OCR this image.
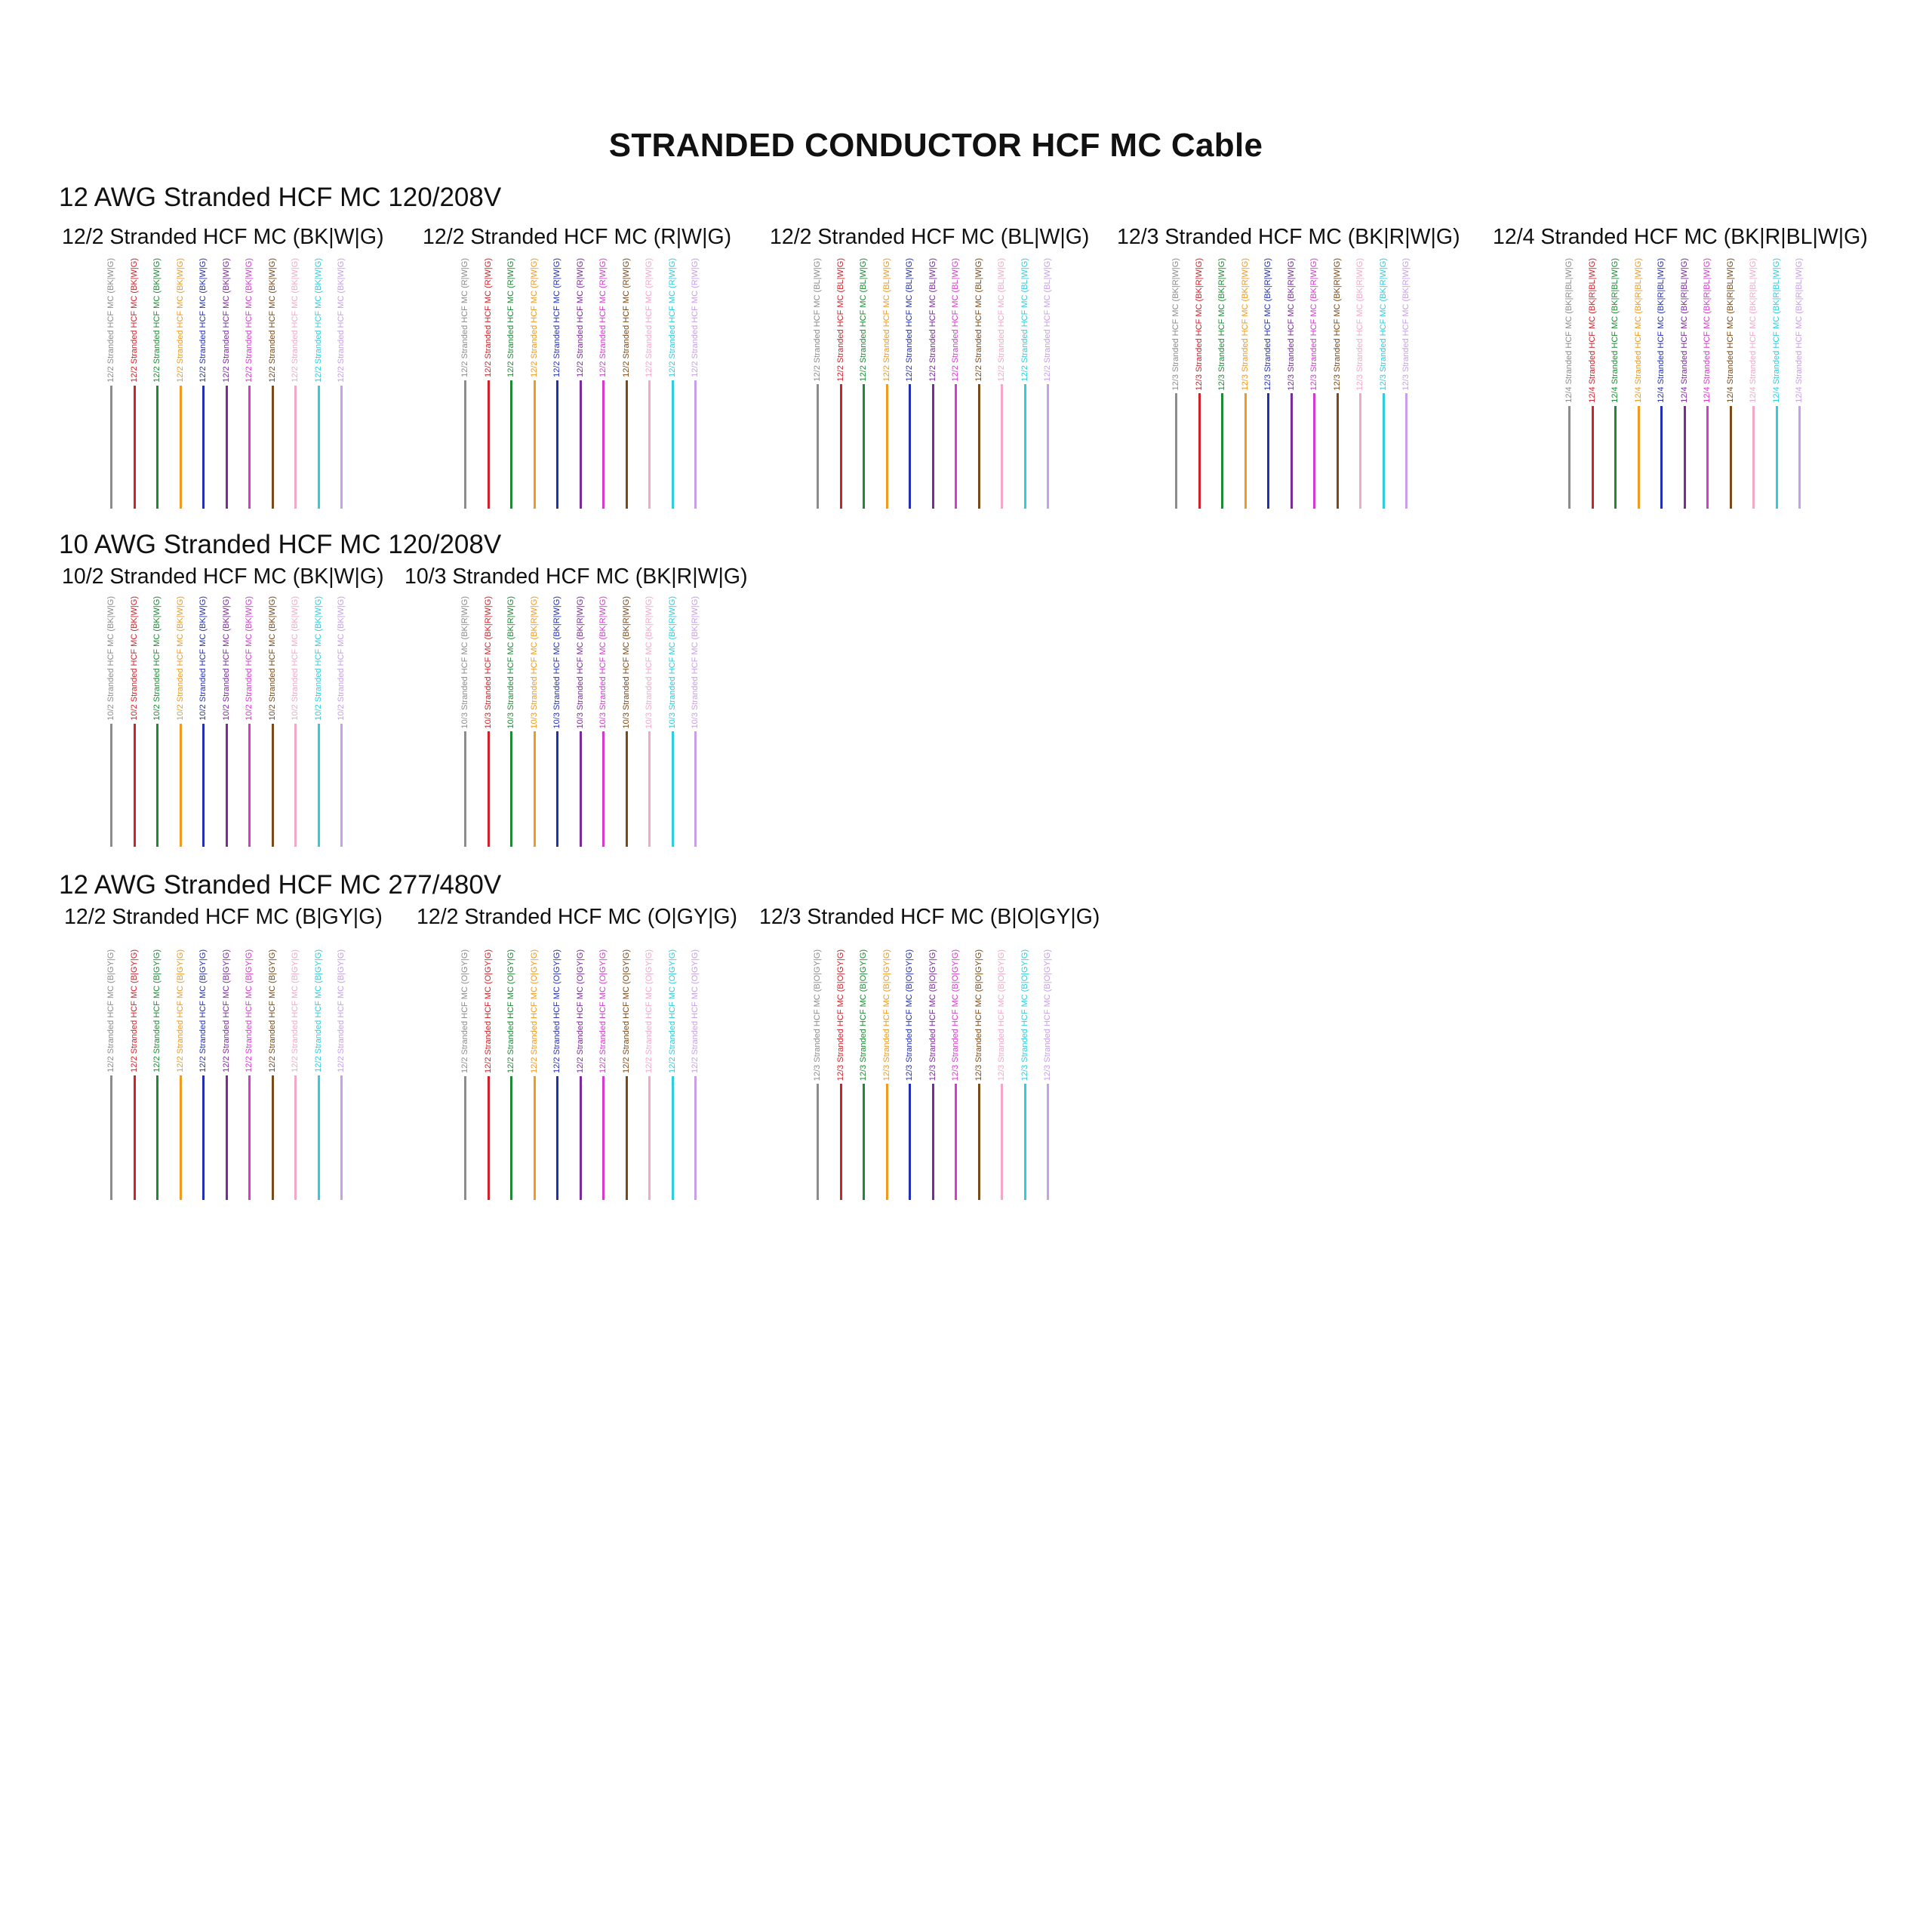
STRANDED CONDUCTOR HCF MC Cable
12 AWG Stranded HCF MC 120/208V
12/2 Stranded HCF MC (BK|W|G)
12/2 Stranded HCF MC (BK|W|G) 12/2 Stranded HCF MC (BK|W|G) 12/2 Stranded HCF MC (BK|W|G) 12/2 Stranded HCF MC (BK|W|G) 12/2 Stranded HCF MC (BK|W|G) 12/2 Stranded HCF MC (BK|W|G) 12/2 Stranded HCF MC (BK|W|G) 12/2 Stranded HCF MC (BK|W|G) 12/2 Stranded HCF MC (BK|W|G) 12/2 Stranded HCF MC (BK|W|G) 12/2 Stranded HCF MC (BK|W|G)
12/2 Stranded HCF MC (R|W|G)
12/2 Stranded HCF MC (R|W|G) 12/2 Stranded HCF MC (R|W|G) 12/2 Stranded HCF MC (R|W|G) 12/2 Stranded HCF MC (R|W|G) 12/2 Stranded HCF MC (R|W|G) 12/2 Stranded HCF MC (R|W|G) 12/2 Stranded HCF MC (R|W|G) 12/2 Stranded HCF MC (R|W|G) 12/2 Stranded HCF MC (R|W|G) 12/2 Stranded HCF MC (R|W|G) 12/2 Stranded HCF MC (R|W|G)
12/2 Stranded HCF MC (BL|W|G)
12/2 Stranded HCF MC (BL|W|G) 12/2 Stranded HCF MC (BL|W|G) 12/2 Stranded HCF MC (BL|W|G) 12/2 Stranded HCF MC (BL|W|G) 12/2 Stranded HCF MC (BL|W|G) 12/2 Stranded HCF MC (BL|W|G) 12/2 Stranded HCF MC (BL|W|G) 12/2 Stranded HCF MC (BL|W|G) 12/2 Stranded HCF MC (BL|W|G) 12/2 Stranded HCF MC (BL|W|G) 12/2 Stranded HCF MC (BL|W|G)
12/3 Stranded HCF MC (BK|R|W|G)
12/3 Stranded HCF MC (BK|R|W|G) 12/3 Stranded HCF MC (BK|R|W|G) 12/3 Stranded HCF MC (BK|R|W|G) 12/3 Stranded HCF MC (BK|R|W|G) 12/3 Stranded HCF MC (BK|R|W|G) 12/3 Stranded HCF MC (BK|R|W|G) 12/3 Stranded HCF MC (BK|R|W|G) 12/3 Stranded HCF MC (BK|R|W|G) 12/3 Stranded HCF MC (BK|R|W|G) 12/3 Stranded HCF MC (BK|R|W|G) 12/3 Stranded HCF MC (BK|R|W|G)
12/4 Stranded HCF MC (BK|R|BL|W|G)
12/4 Stranded HCF MC (BK|R|BL|W|G) 12/4 Stranded HCF MC (BK|R|BL|W|G) 12/4 Stranded HCF MC (BK|R|BL|W|G) 12/4 Stranded HCF MC (BK|R|BL|W|G) 12/4 Stranded HCF MC (BK|R|BL|W|G) 12/4 Stranded HCF MC (BK|R|BL|W|G) 12/4 Stranded HCF MC (BK|R|BL|W|G) 12/4 Stranded HCF MC (BK|R|BL|W|G) 12/4 Stranded HCF MC (BK|R|BL|W|G) 12/4 Stranded HCF MC (BK|R|BL|W|G) 12/4 Stranded HCF MC (BK|R|BL|W|G)
10 AWG Stranded HCF MC 120/208V
10/2 Stranded HCF MC (BK|W|G)
10/2 Stranded HCF MC (BK|W|G) 10/2 Stranded HCF MC (BK|W|G) 10/2 Stranded HCF MC (BK|W|G) 10/2 Stranded HCF MC (BK|W|G) 10/2 Stranded HCF MC (BK|W|G) 10/2 Stranded HCF MC (BK|W|G) 10/2 Stranded HCF MC (BK|W|G) 10/2 Stranded HCF MC (BK|W|G) 10/2 Stranded HCF MC (BK|W|G) 10/2 Stranded HCF MC (BK|W|G) 10/2 Stranded HCF MC (BK|W|G)
10/3 Stranded HCF MC (BK|R|W|G)
10/3 Stranded HCF MC (BK|R|W|G) 10/3 Stranded HCF MC (BK|R|W|G) 10/3 Stranded HCF MC (BK|R|W|G) 10/3 Stranded HCF MC (BK|R|W|G) 10/3 Stranded HCF MC (BK|R|W|G) 10/3 Stranded HCF MC (BK|R|W|G) 10/3 Stranded HCF MC (BK|R|W|G) 10/3 Stranded HCF MC (BK|R|W|G) 10/3 Stranded HCF MC (BK|R|W|G) 10/3 Stranded HCF MC (BK|R|W|G) 10/3 Stranded HCF MC (BK|R|W|G)
12 AWG Stranded HCF MC 277/480V
12/2 Stranded HCF MC (B|GY|G)
12/2 Stranded HCF MC (B|GY|G) 12/2 Stranded HCF MC (B|GY|G) 12/2 Stranded HCF MC (B|GY|G) 12/2 Stranded HCF MC (B|GY|G) 12/2 Stranded HCF MC (B|GY|G) 12/2 Stranded HCF MC (B|GY|G) 12/2 Stranded HCF MC (B|GY|G) 12/2 Stranded HCF MC (B|GY|G) 12/2 Stranded HCF MC (B|GY|G) 12/2 Stranded HCF MC (B|GY|G) 12/2 Stranded HCF MC (B|GY|G)
12/2 Stranded HCF MC (O|GY|G)
12/2 Stranded HCF MC (O|GY|G) 12/2 Stranded HCF MC (O|GY|G) 12/2 Stranded HCF MC (O|GY|G) 12/2 Stranded HCF MC (O|GY|G) 12/2 Stranded HCF MC (O|GY|G) 12/2 Stranded HCF MC (O|GY|G) 12/2 Stranded HCF MC (O|GY|G) 12/2 Stranded HCF MC (O|GY|G) 12/2 Stranded HCF MC (O|GY|G) 12/2 Stranded HCF MC (O|GY|G) 12/2 Stranded HCF MC (O|GY|G)
12/3 Stranded HCF MC (B|O|GY|G)
12/3 Stranded HCF MC (B|O|GY|G) 12/3 Stranded HCF MC (B|O|GY|G) 12/3 Stranded HCF MC (B|O|GY|G) 12/3 Stranded HCF MC (B|O|GY|G) 12/3 Stranded HCF MC (B|O|GY|G) 12/3 Stranded HCF MC (B|O|GY|G) 12/3 Stranded HCF MC (B|O|GY|G) 12/3 Stranded HCF MC (B|O|GY|G) 12/3 Stranded HCF MC (B|O|GY|G) 12/3 Stranded HCF MC (B|O|GY|G) 12/3 Stranded HCF MC (B|O|GY|G)
